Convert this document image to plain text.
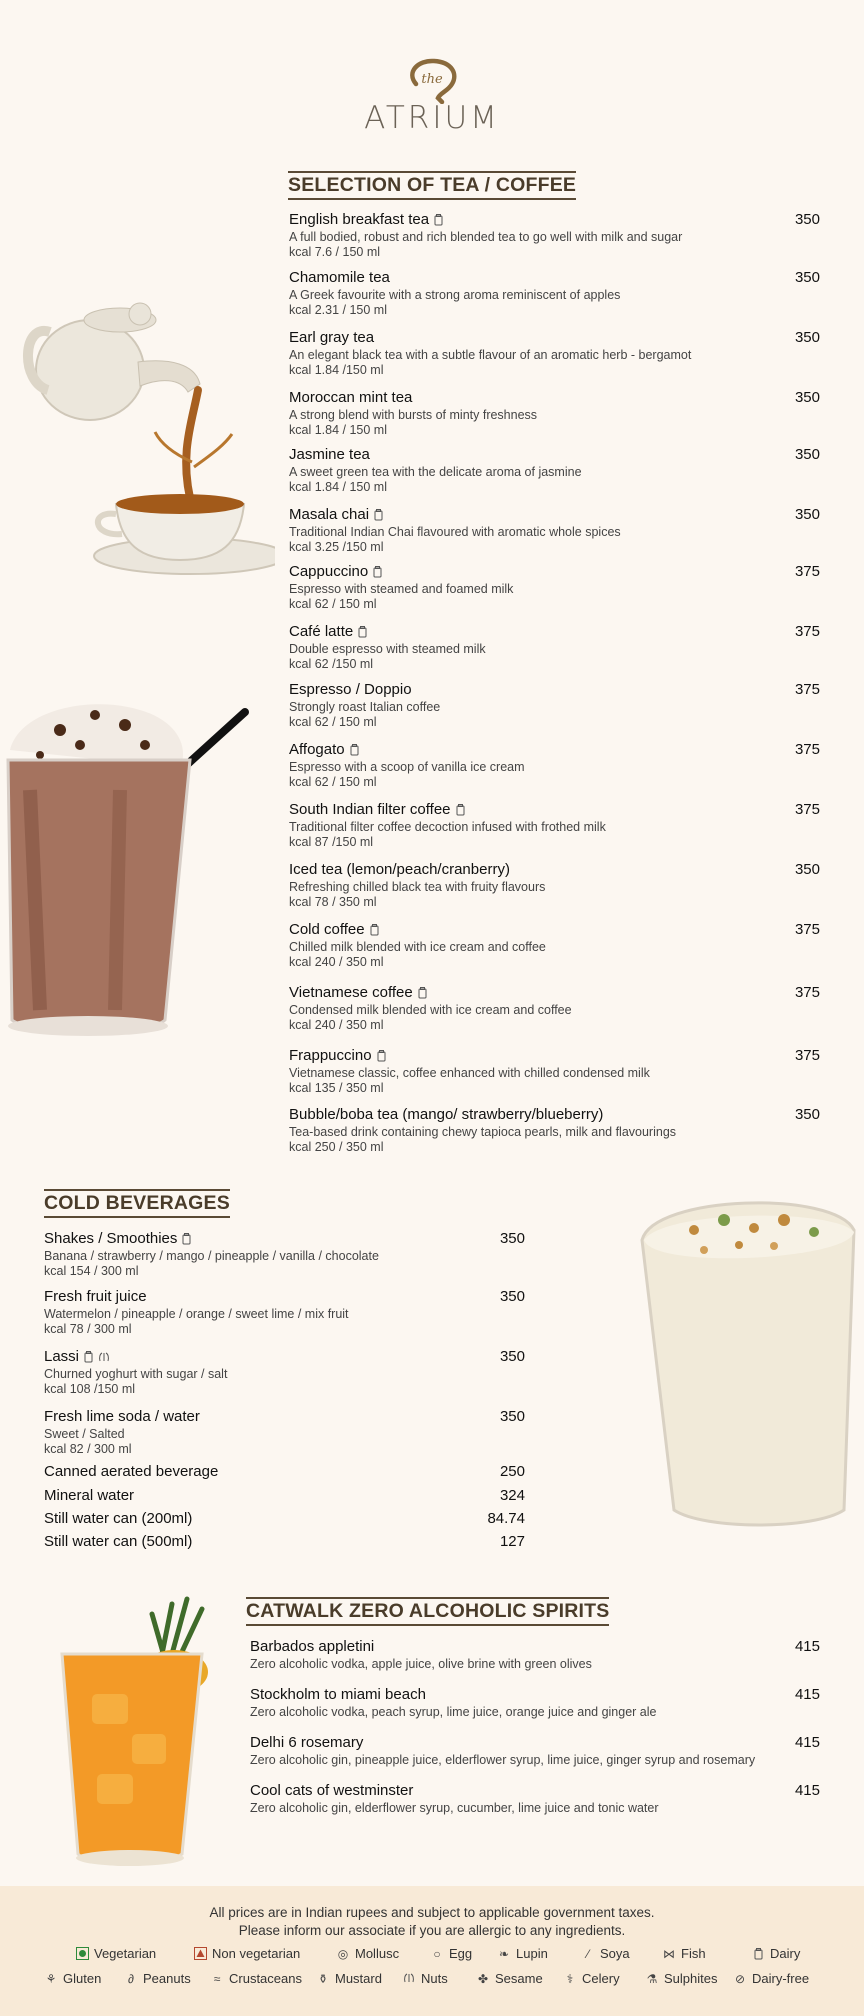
the
ATRIUM
SELECTION OF TEA / COFFEE
English breakfast tea
A full bodied, robust and rich blended tea to go well with milk and sugar
kcal 7.6 / 150 ml
350
Chamomile tea
A Greek favourite with a strong aroma reminiscent of apples
kcal 2.31 / 150 ml
350
Earl gray tea
An elegant black tea with a subtle flavour of an aromatic herb - bergamot
kcal 1.84 /150 ml
350
Moroccan mint tea
A strong blend with bursts of minty freshness
kcal 1.84 / 150 ml
350
Jasmine tea
A sweet green tea with the delicate aroma of jasmine
kcal 1.84 / 150 ml
350
Masala chai
Traditional Indian Chai flavoured with aromatic whole spices
kcal 3.25 /150 ml
350
Cappuccino
Espresso with steamed and foamed milk
kcal 62 / 150 ml
375
Café latte
Double espresso with steamed milk
kcal 62 /150 ml
375
Espresso / Doppio
Strongly roast Italian coffee
kcal 62 / 150 ml
375
Affogato
Espresso with a scoop of vanilla ice cream
kcal 62 / 150 ml
375
South Indian filter coffee
Traditional filter coffee decoction infused with frothed milk
kcal 87 /150 ml
375
Iced tea (lemon/peach/cranberry)
Refreshing chilled black tea with fruity flavours
kcal 78 / 350 ml
350
Cold coffee
Chilled milk blended with ice cream and coffee
kcal 240 / 350 ml
375
Vietnamese coffee
Condensed milk blended with ice cream and coffee
kcal 240 / 350 ml
375
Frappuccino
Vietnamese classic, coffee enhanced with chilled condensed milk
kcal 135 / 350 ml
375
Bubble/boba tea (mango/ strawberry/blueberry)
Tea-based drink containing chewy tapioca pearls, milk and flavourings
kcal 250 / 350 ml
350
COLD BEVERAGES
Shakes / Smoothies
Banana / strawberry / mango / pineapple / vanilla / chocolate
kcal 154 / 300 ml
350
Fresh fruit juice
Watermelon / pineapple / orange / sweet lime / mix fruit
kcal 78 / 300 ml
350
Lassi
Churned yoghurt with sugar / salt
kcal 108 /150 ml
350
Fresh lime soda / water
Sweet / Salted
kcal 82 / 300 ml
350
Canned aerated beverage	250
Mineral water	324
Still water can (200ml)	84.74
Still water can (500ml)	127
CATWALK ZERO ALCOHOLIC SPIRITS
Barbados appletini
Zero alcoholic vodka, apple juice, olive brine with green olives
415
Stockholm to miami beach
Zero alcoholic vodka, peach syrup, lime juice, orange juice and ginger ale
415
Delhi 6 rosemary
Zero alcoholic gin, pineapple juice, elderflower syrup, lime juice, ginger syrup and rosemary
415
Cool cats of westminster
Zero alcoholic gin, elderflower syrup, cucumber, lime juice and tonic water
415
All prices are in Indian rupees and subject to applicable government taxes.
Please inform our associate if you are allergic to any ingredients.
Vegetarian	Non vegetarian	◎ Mollusc	○ Egg ❧ Lupin	⁄ Soya	⋈ Fish	Dairy
⚘ Gluten ∂ Peanuts ≈ Crustaceans ⚱ Mustard	Nuts	✤ Sesame ⚕ Celery ⚗ Sulphites ⊘ Dairy-free
